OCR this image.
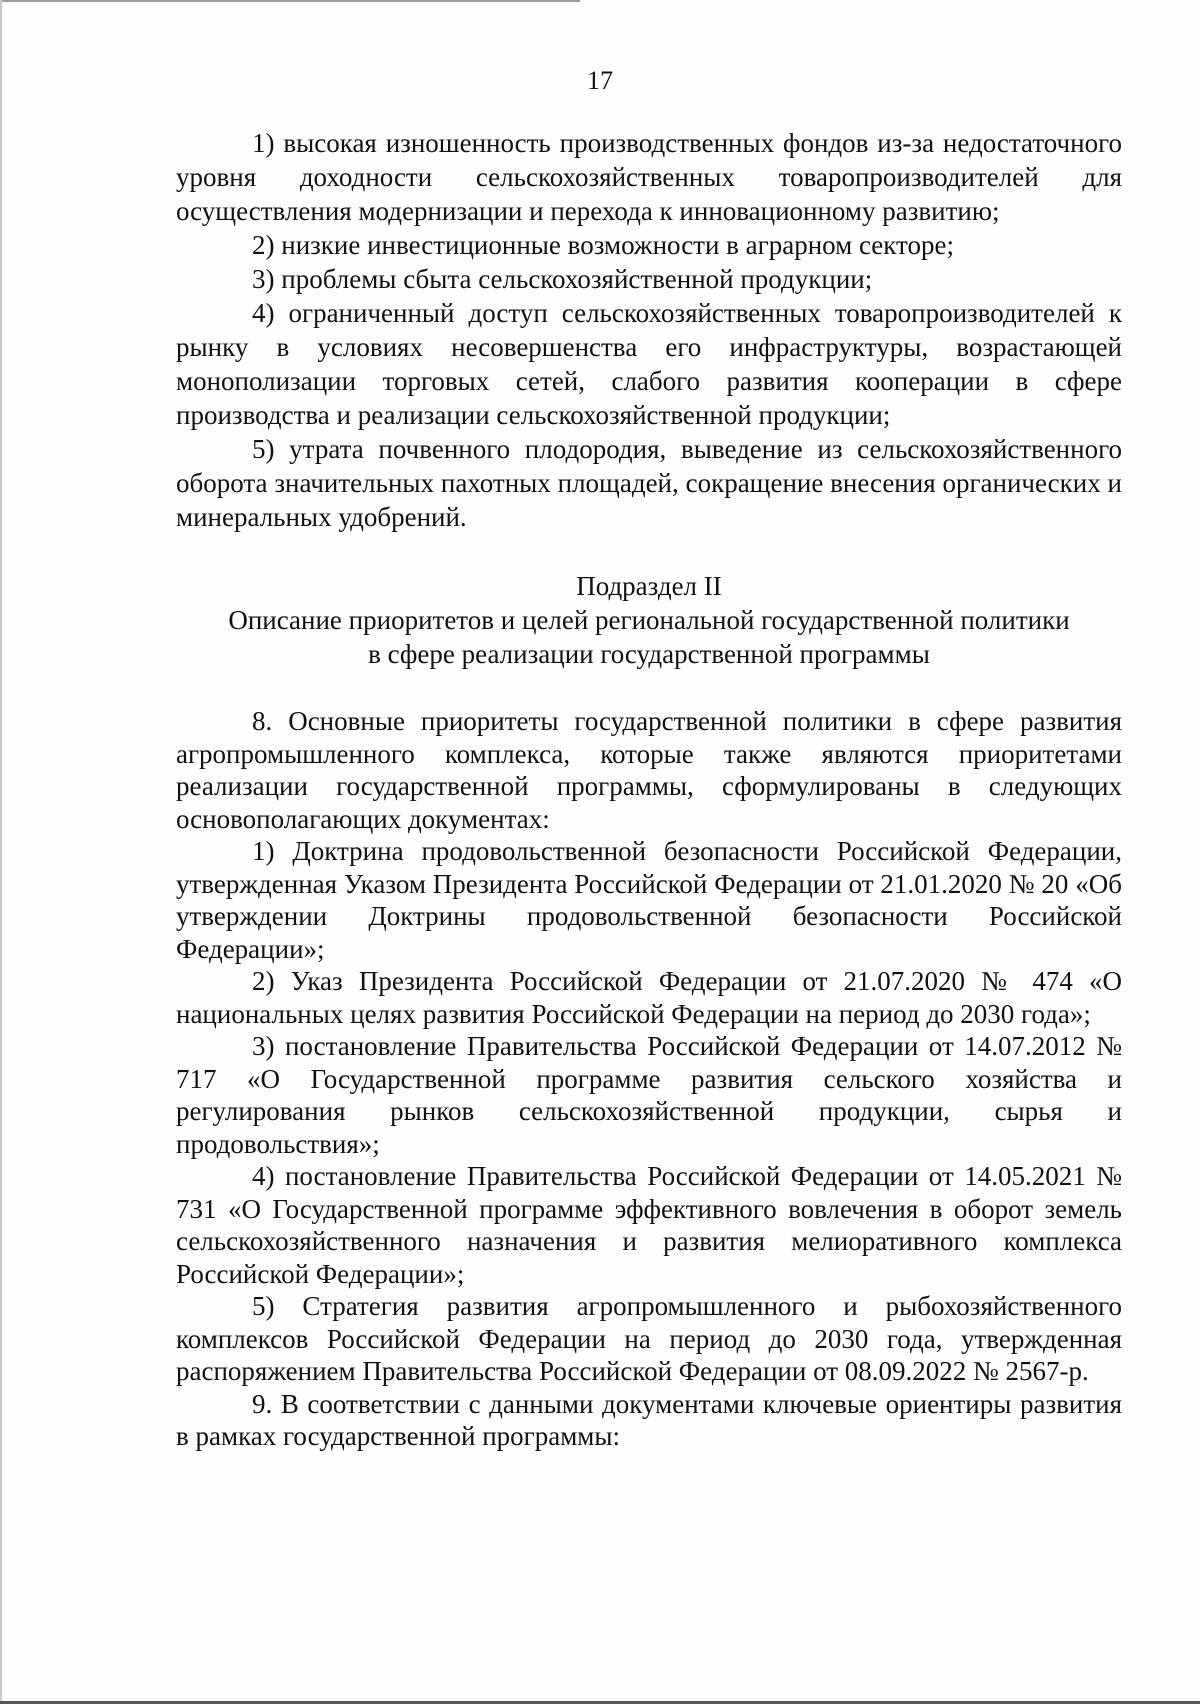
17

1) высокая изношенность производственных фондов из-за недостаточного уровня доходности сельскохозяйственных товаропроизводителей для осуществления модернизации и перехода к инновационному развитию;

2) низкие инвестиционные возможности в аграрном секторе;

3) проблемы сбыта сельскохозяйственной продукции;

4) ограниченный доступ сельскохозяйственных товаропроизводителей к рынку в условиях несовершенства его инфраструктуры, возрастающей монополизации торговых сетей, слабого развития кооперации в сфере производства и реализации сельскохозяйственной продукции;

5) утрата почвенного плодородия, выведение из сельскохозяйственного оборота значительных пахотных площадей, сокращение внесения органических и минеральных удобрений.

Подраздел II

Описание приоритетов и целей региональной государственной политики

в сфере реализации государственной программы

8. Основные приоритеты государственной политики в сфере развития агропромышленного комплекса, которые также являются приоритетами реализации государственной программы, сформулированы в следующих основополагающих документах:

1) Доктрина продовольственной безопасности Российской Федерации, утвержденная Указом Президента Российской Федерации от 21.01.2020 № 20 «Об утверждении Доктрины продовольственной безопасности Российской Федерации»;

2) Указ Президента Российской Федерации от 21.07.2020 № 474 «О национальных целях развития Российской Федерации на период до 2030 года»;

3) постановление Правительства Российской Федерации от 14.07.2012 № 717 «О Государственной программе развития сельского хозяйства и регулирования рынков сельскохозяйственной продукции, сырья и продовольствия»;

4) постановление Правительства Российской Федерации от 14.05.2021 № 731 «О Государственной программе эффективного вовлечения в оборот земель сельскохозяйственного назначения и развития мелиоративного комплекса Российской Федерации»;

5) Стратегия развития агропромышленного и рыбохозяйственного комплексов Российской Федерации на период до 2030 года, утвержденная распоряжением Правительства Российской Федерации от 08.09.2022 № 2567-р.

9. В соответствии с данными документами ключевые ориентиры развития в рамках государственной программы:
